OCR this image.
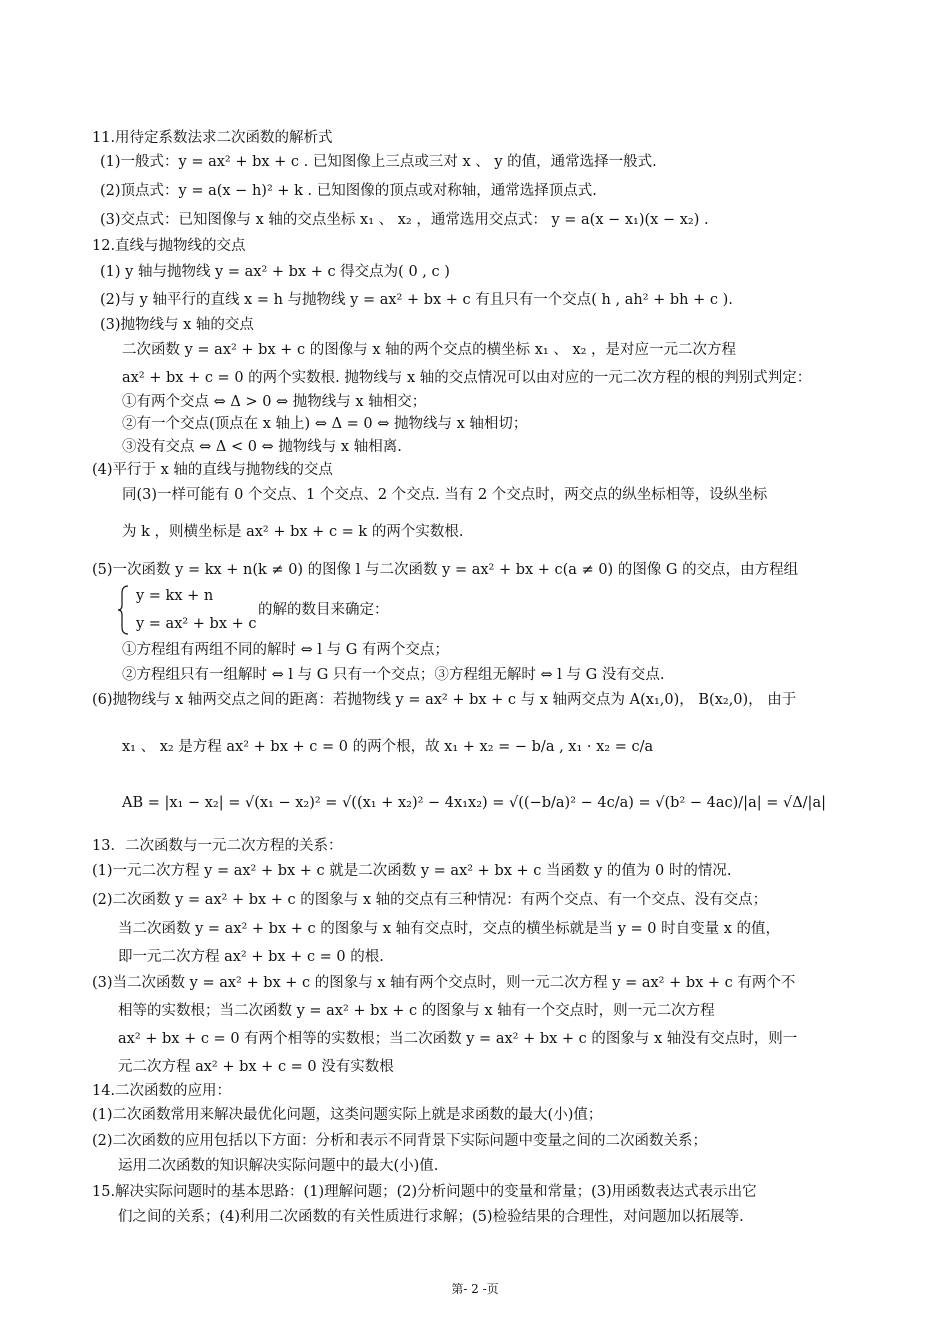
11.用待定系数法求二次函数的解析式
(1)一般式：y = ax² + bx + c . 已知图像上三点或三对 x 、 y 的值，通常选择一般式.
(2)顶点式：y = a(x − h)² + k . 已知图像的顶点或对称轴，通常选择顶点式.
(3)交点式：已知图像与 x 轴的交点坐标 x₁ 、 x₂ ，通常选用交点式： y = a(x − x₁)(x − x₂) .
12.直线与抛物线的交点
(1) y 轴与抛物线 y = ax² + bx + c 得交点为( 0 , c )
(2)与 y 轴平行的直线 x = h 与抛物线 y = ax² + bx + c 有且只有一个交点( h , ah² + bh + c ).
(3)抛物线与 x 轴的交点
二次函数 y = ax² + bx + c 的图像与 x 轴的两个交点的横坐标 x₁ 、 x₂ ，是对应一元二次方程
ax² + bx + c = 0 的两个实数根. 抛物线与 x 轴的交点情况可以由对应的一元二次方程的根的判别式判定：
①有两个交点 ⇔ Δ > 0 ⇔ 抛物线与 x 轴相交；
②有一个交点(顶点在 x 轴上) ⇔ Δ = 0 ⇔ 抛物线与 x 轴相切；
③没有交点 ⇔ Δ < 0 ⇔ 抛物线与 x 轴相离.
(4)平行于 x 轴的直线与抛物线的交点
同(3)一样可能有 0 个交点、1 个交点、2 个交点. 当有 2 个交点时，两交点的纵坐标相等，设纵坐标
为 k ，则横坐标是 ax² + bx + c = k 的两个实数根.
(5)一次函数 y = kx + n(k ≠ 0) 的图像 l 与二次函数 y = ax² + bx + c(a ≠ 0) 的图像 G 的交点，由方程组
y = kx + n
y = ax² + bx + c
的解的数目来确定：
①方程组有两组不同的解时 ⇔ l 与 G 有两个交点；
②方程组只有一组解时 ⇔ l 与 G 只有一个交点；③方程组无解时 ⇔ l 与 G 没有交点.
(6)抛物线与 x 轴两交点之间的距离：若抛物线 y = ax² + bx + c 与 x 轴两交点为 A(x₁,0)， B(x₂,0)， 由于
x₁ 、 x₂ 是方程 ax² + bx + c = 0 的两个根，故 x₁ + x₂ = − b/a , x₁ · x₂ = c/a
AB = |x₁ − x₂| = √(x₁ − x₂)² = √((x₁ + x₂)² − 4x₁x₂) = √((−b/a)² − 4c/a) = √(b² − 4ac)/|a| = √Δ/|a|
13．二次函数与一元二次方程的关系：
(1)一元二次方程 y = ax² + bx + c 就是二次函数 y = ax² + bx + c 当函数 y 的值为 0 时的情况.
(2)二次函数 y = ax² + bx + c 的图象与 x 轴的交点有三种情况：有两个交点、有一个交点、没有交点；
当二次函数 y = ax² + bx + c 的图象与 x 轴有交点时，交点的横坐标就是当 y = 0 时自变量 x 的值，
即一元二次方程 ax² + bx + c = 0 的根.
(3)当二次函数 y = ax² + bx + c 的图象与 x 轴有两个交点时，则一元二次方程 y = ax² + bx + c 有两个不
相等的实数根；当二次函数 y = ax² + bx + c 的图象与 x 轴有一个交点时，则一元二次方程
ax² + bx + c = 0 有两个相等的实数根；当二次函数 y = ax² + bx + c 的图象与 x 轴没有交点时，则一
元二次方程 ax² + bx + c = 0 没有实数根
14.二次函数的应用：
(1)二次函数常用来解决最优化问题，这类问题实际上就是求函数的最大(小)值；
(2)二次函数的应用包括以下方面：分析和表示不同背景下实际问题中变量之间的二次函数关系；
运用二次函数的知识解决实际问题中的最大(小)值.
15.解决实际问题时的基本思路：(1)理解问题；(2)分析问题中的变量和常量；(3)用函数表达式表示出它
们之间的关系；(4)利用二次函数的有关性质进行求解；(5)检验结果的合理性，对问题加以拓展等.
第- 2 -页
